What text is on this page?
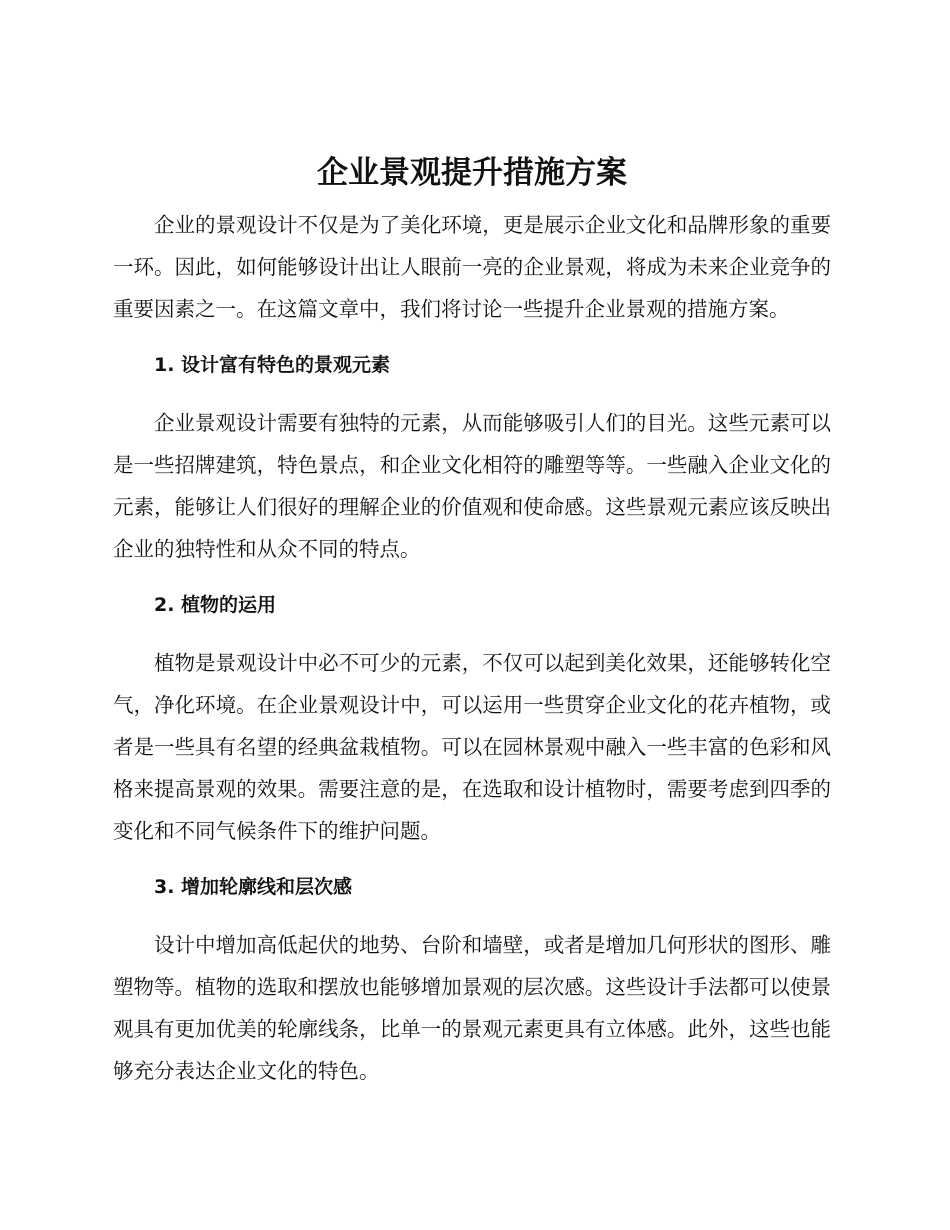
企业景观提升措施方案

企业的景观设计不仅是为了美化环境，更是展示企业文化和品牌形象的重要一环。因此，如何能够设计出让人眼前一亮的企业景观，将成为未来企业竞争的重要因素之一。在这篇文章中，我们将讨论一些提升企业景观的措施方案。

1. 设计富有特色的景观元素

企业景观设计需要有独特的元素，从而能够吸引人们的目光。这些元素可以是一些招牌建筑，特色景点，和企业文化相符的雕塑等等。一些融入企业文化的元素，能够让人们很好的理解企业的价值观和使命感。这些景观元素应该反映出企业的独特性和从众不同的特点。

2. 植物的运用

植物是景观设计中必不可少的元素，不仅可以起到美化效果，还能够转化空气，净化环境。在企业景观设计中，可以运用一些贯穿企业文化的花卉植物，或者是一些具有名望的经典盆栽植物。可以在园林景观中融入一些丰富的色彩和风格来提高景观的效果。需要注意的是，在选取和设计植物时，需要考虑到四季的变化和不同气候条件下的维护问题。

3. 增加轮廓线和层次感

设计中增加高低起伏的地势、台阶和墙壁，或者是增加几何形状的图形、雕塑物等。植物的选取和摆放也能够增加景观的层次感。这些设计手法都可以使景观具有更加优美的轮廓线条，比单一的景观元素更具有立体感。此外，这些也能够充分表达企业文化的特色。
